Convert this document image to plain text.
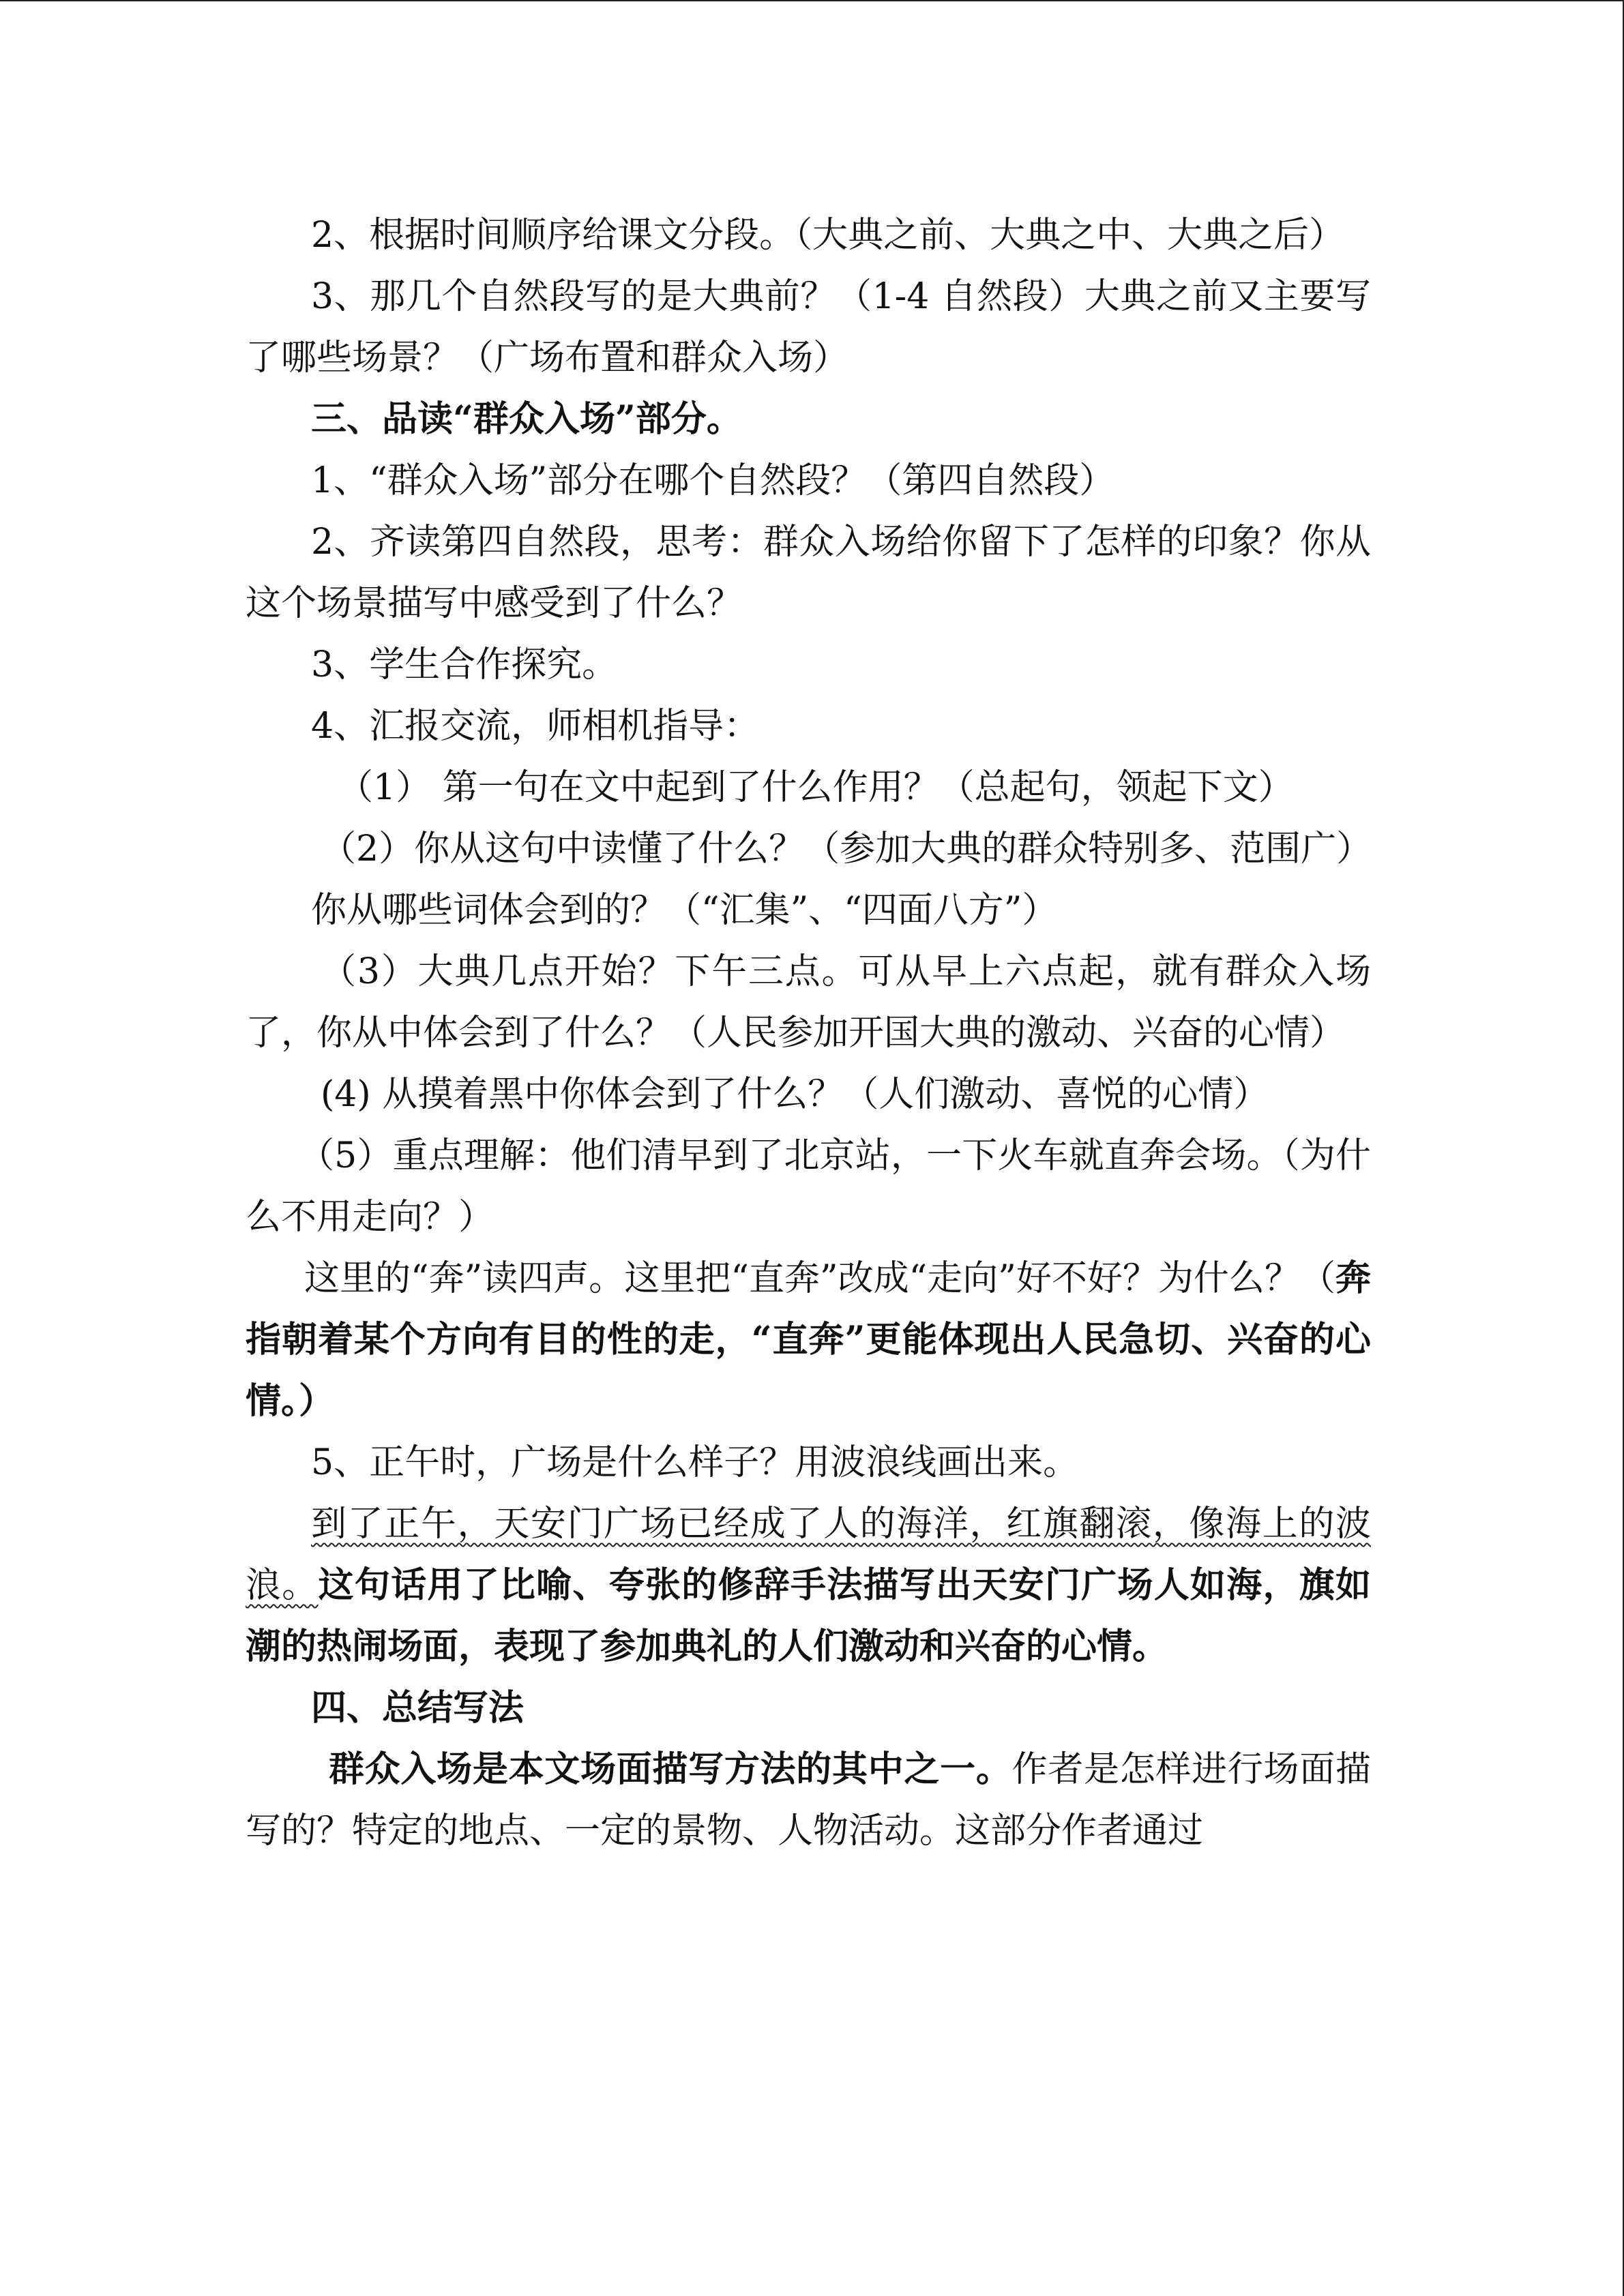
2、根据时间顺序给课文分段。（大典之前、大典之中、大典之后）

3、那几个自然段写的是大典前？（1-4 自然段）大典之前又主要写了哪些场景？（广场布置和群众入场）

三、品读“群众入场”部分。

1、“群众入场”部分在哪个自然段？（第四自然段）

2、齐读第四自然段，思考：群众入场给你留下了怎样的印象？你从这个场景描写中感受到了什么？

3、学生合作探究。

4、汇报交流，师相机指导：

（1） 第一句在文中起到了什么作用？（总起句，领起下文）

（2）你从这句中读懂了什么？（参加大典的群众特别多、范围广）

你从哪些词体会到的？（“汇集”、“四面八方”）

（3）大典几点开始？下午三点。可从早上六点起，就有群众入场了，你从中体会到了什么？（人民参加开国大典的激动、兴奋的心情）

(4) 从摸着黑中你体会到了什么？（人们激动、喜悦的心情）

（5）重点理解：他们清早到了北京站，一下火车就直奔会场。（为什么不用走向？）

这里的“奔”读四声。这里把“直奔”改成“走向”好不好？为什么？（奔指朝着某个方向有目的性的走，“直奔”更能体现出人民急切、兴奋的心情。）

5、正午时，广场是什么样子？用波浪线画出来。

到了正午，天安门广场已经成了人的海洋，红旗翻滚，像海上的波浪。这句话用了比喻、夸张的修辞手法描写出天安门广场人如海，旗如潮的热闹场面，表现了参加典礼的人们激动和兴奋的心情。

四、总结写法

群众入场是本文场面描写方法的其中之一。作者是怎样进行场面描写的？特定的地点、一定的景物、人物活动。这部分作者通过
